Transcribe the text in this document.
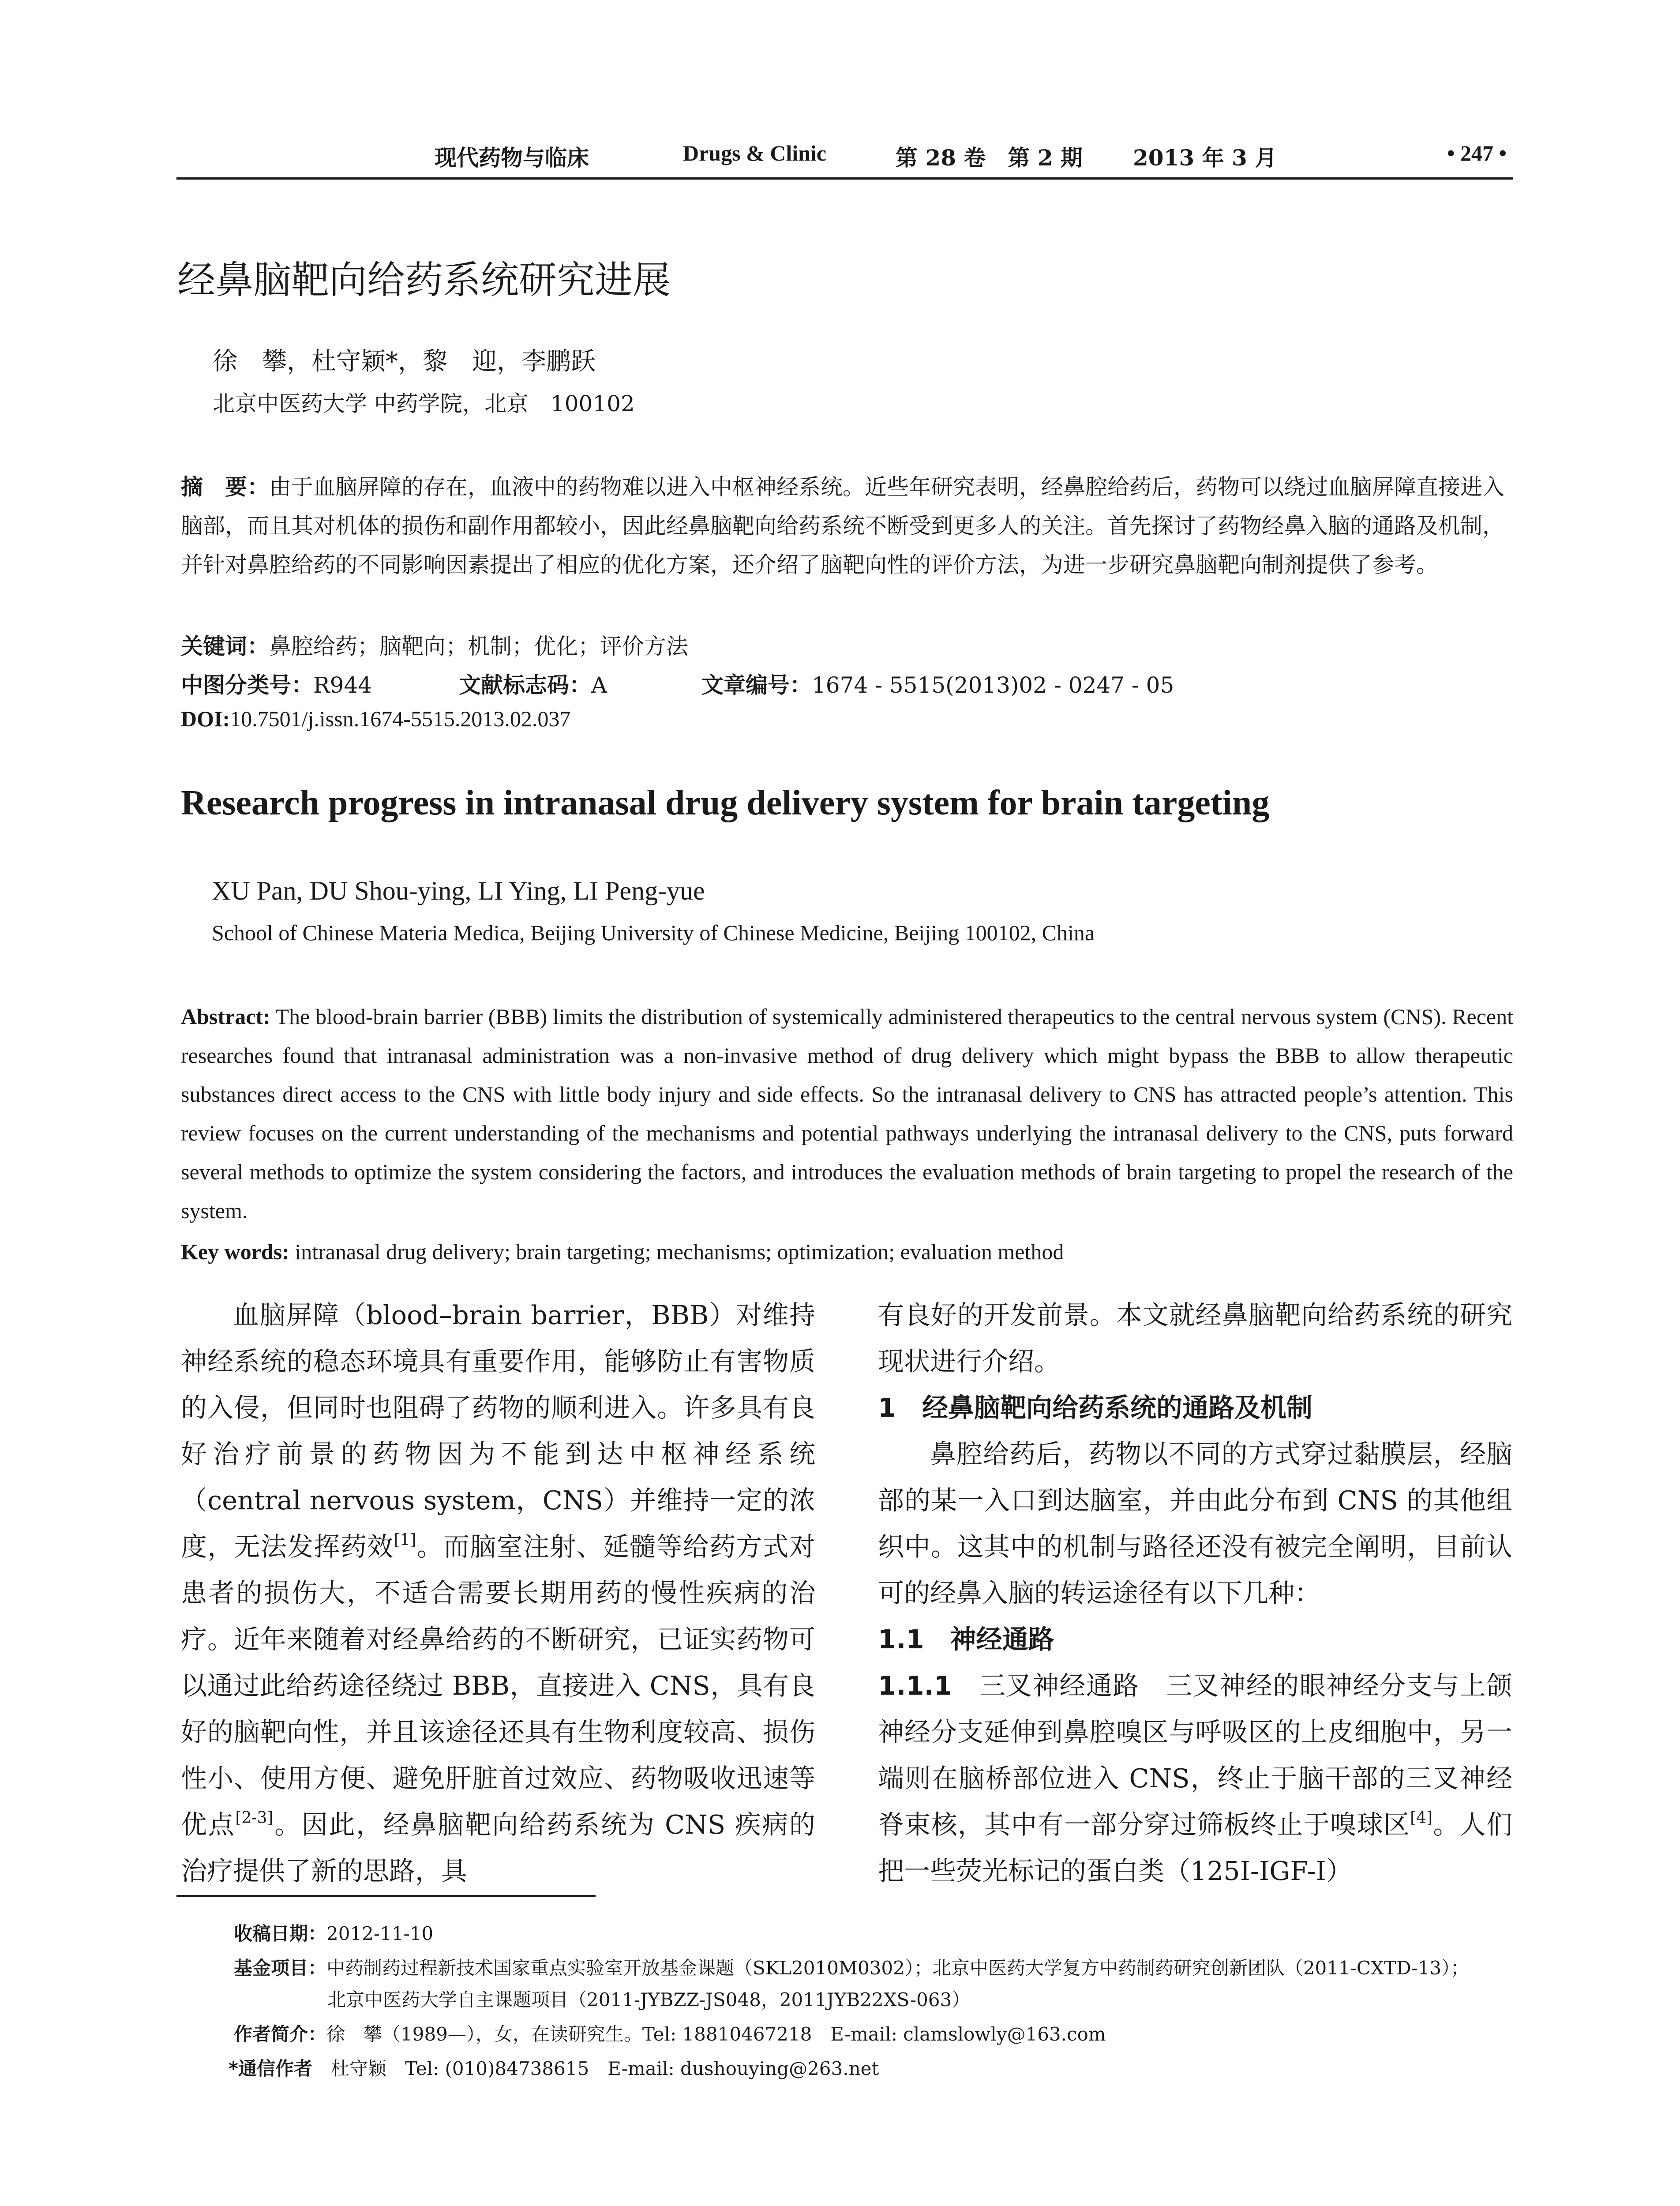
现代药物与临床	Drugs & Clinic	第 28 卷　第 2 期 2013 年 3 月	• 247 •
经鼻脑靶向给药系统研究进展
徐　攀，杜守颖*，黎　迎，李鹏跃
北京中医药大学 中药学院，北京　100102
摘　要：由于血脑屏障的存在，血液中的药物难以进入中枢神经系统。近些年研究表明，经鼻腔给药后，药物可以绕过血脑屏障直接进入脑部，而且其对机体的损伤和副作用都较小，因此经鼻脑靶向给药系统不断受到更多人的关注。首先探讨了药物经鼻入脑的通路及机制，并针对鼻腔给药的不同影响因素提出了相应的优化方案，还介绍了脑靶向性的评价方法，为进一步研究鼻脑靶向制剂提供了参考。
关键词：鼻腔给药；脑靶向；机制；优化；评价方法
中图分类号：R944	文献标志码：A	文章编号：1674 - 5515(2013)02 - 0247 - 05
DOI:10.7501/j.issn.1674-5515.2013.02.037
Research progress in intranasal drug delivery system for brain targeting
XU Pan, DU Shou-ying, LI Ying, LI Peng-yue
School of Chinese Materia Medica, Beijing University of Chinese Medicine, Beijing 100102, China
Abstract: The blood-brain barrier (BBB) limits the distribution of systemically administered therapeutics to the central nervous system (CNS). Recent researches found that intranasal administration was a non-invasive method of drug delivery which might bypass the BBB to allow therapeutic substances direct access to the CNS with little body injury and side effects. So the intranasal delivery to CNS has attracted people’s attention. This review focuses on the current understanding of the mechanisms and potential pathways underlying the intranasal delivery to the CNS, puts forward several methods to optimize the system considering the factors, and introduces the evaluation methods of brain targeting to propel the research of the system.
Key words: intranasal drug delivery; brain targeting; mechanisms; optimization; evaluation method

血脑屏障（blood–brain barrier，BBB）对维持神经系统的稳态环境具有重要作用，能够防止有害物质的入侵，但同时也阻碍了药物的顺利进入。许多具有良好治疗前景的药物因为不能到达中枢神经系统（central nervous system，CNS）并维持一定的浓度，无法发挥药效[1]。而脑室注射、延髓等给药方式对患者的损伤大，不适合需要长期用药的慢性疾病的治疗。近年来随着对经鼻给药的不断研究，已证实药物可以通过此给药途径绕过 BBB，直接进入 CNS，具有良好的脑靶向性，并且该途径还具有生物利度较高、损伤性小、使用方便、避免肝脏首过效应、药物吸收迅速等优点[2-3]。因此，经鼻脑靶向给药系统为 CNS 疾病的治疗提供了新的思路，具

有良好的开发前景。本文就经鼻脑靶向给药系统的研究现状进行介绍。

1　经鼻脑靶向给药系统的通路及机制

鼻腔给药后，药物以不同的方式穿过黏膜层，经脑部的某一入口到达脑室，并由此分布到 CNS 的其他组织中。这其中的机制与路径还没有被完全阐明，目前认可的经鼻入脑的转运途径有以下几种：

1.1　神经通路

1.1.1　 三叉神经通路　 三叉神经的眼神经分支与上颌神经分支延伸到鼻腔嗅区与呼吸区的上皮细胞中，另一端则在脑桥部位进入 CNS，终止于脑干部的三叉神经脊束核，其中有一部分穿过筛板终止于嗅球区[4]。人们把一些荧光标记的蛋白类（125I-IGF-I）

收稿日期：2012-11-10
基金项目：中药制药过程新技术国家重点实验室开放基金课题（SKL2010M0302）；北京中医药大学复方中药制药研究创新团队（2011-CXTD-13）；
北京中医药大学自主课题项目（2011-JYBZZ-JS048，2011JYB22XS-063）
作者简介：徐　攀（1989—），女，在读研究生。Tel: 18810467218　E-mail: clamslowly@163.com
*通信作者　 杜守颖　Tel: (010)84738615　E-mail: dushouying@263.net
